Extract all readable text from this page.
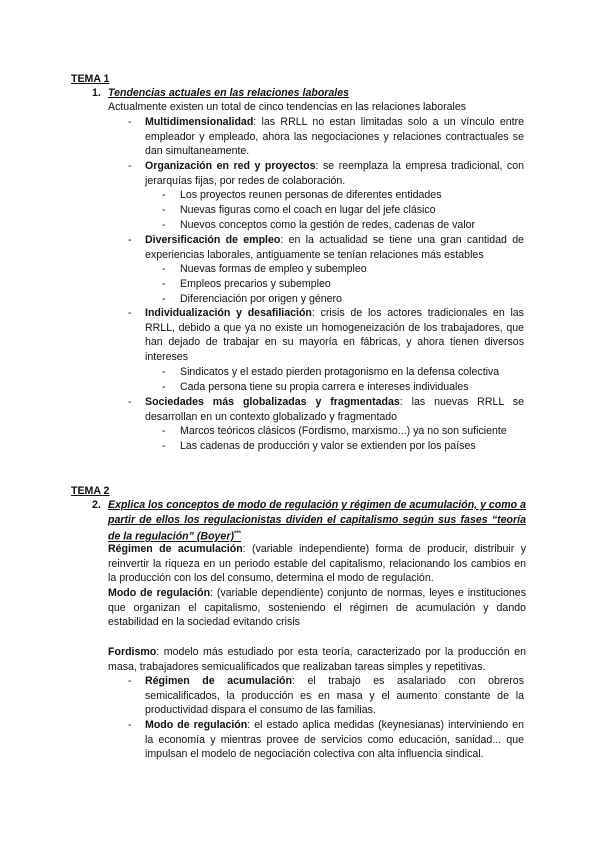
TEMA 1
1. Tendencias actuales en las relaciones laborales
Actualmente existen un total de cinco tendencias en las relaciones laborales
- Multidimensionalidad: las RRLL no estan limitadas solo a un vínculo entre empleador y empleado, ahora las negociaciones y relaciones contractuales se dan simultaneamente.
- Organización en red y proyectos: se reemplaza la empresa tradicional, con jerarquías fijas, por redes de colaboración.
- Los proyectos reunen personas de diferentes entidades
- Nuevas figuras como el coach en lugar del jefe clásico
- Nuevos conceptos como la gestión de redes, cadenas de valor
- Diversificación de empleo: en la actualidad se tiene una gran cantidad de experiencias laborales, antiguamente se tenían relaciones más estables
- Nuevas formas de empleo y subempleo
- Empleos precarios y subempleo
- Diferenciación por origen y género
- Individualización y desafiliación: crisis de los actores tradicionales en las RRLL, debido a que ya no existe un homogeneización de los trabajadores, que han dejado de trabajar en su mayoría en fábricas, y ahora tienen diversos intereses
- Sindicatos y el estado pierden protagonismo en la defensa colectiva
- Cada persona tiene su propia carrera e intereses individuales
- Sociedades más globalizadas y fragmentadas: las nuevas RRLL se desarrollan en un contexto globalizado y fragmentado
- Marcos teóricos clásicos (Fordismo, marxismo...) ya no son suficiente
- Las cadenas de producción y valor se extienden por los países
TEMA 2
2. Explica los conceptos de modo de regulación y régimen de acumulación, y como a partir de ellos los regulacionistas dividen el capitalismo según sus fases “teoría de la regulación” (Boyer)***
Régimen de acumulación: (variable independiente) forma de producir, distribuir y reinvertir la riqueza en un periodo estable del capitalismo, relacionando los cambios en la producción con los del consumo, determina el modo de regulación.
Modo de regulación: (variable dependiente) conjunto de normas, leyes e instituciones que organizan el capitalismo, sosteniendo el régimen de acumulación y dando estabilidad en la sociedad evitando crisis
Fordismo: modelo más estudiado por esta teoría, caracterizado por la producción en masa, trabajadores semicualificados que realizaban tareas simples y repetitivas.
- Régimen de acumulación: el trabajo es asalariado con obreros semicalificados, la producción es en masa y el aumento constante de la productividad dispara el consumo de las familias.
- Modo de regulación: el estado aplica medidas (keynesianas) interviniendo en la economía y mientras provee de servicios como educación, sanidad... que impulsan el modelo de negociación colectiva con alta influencia sindical.
